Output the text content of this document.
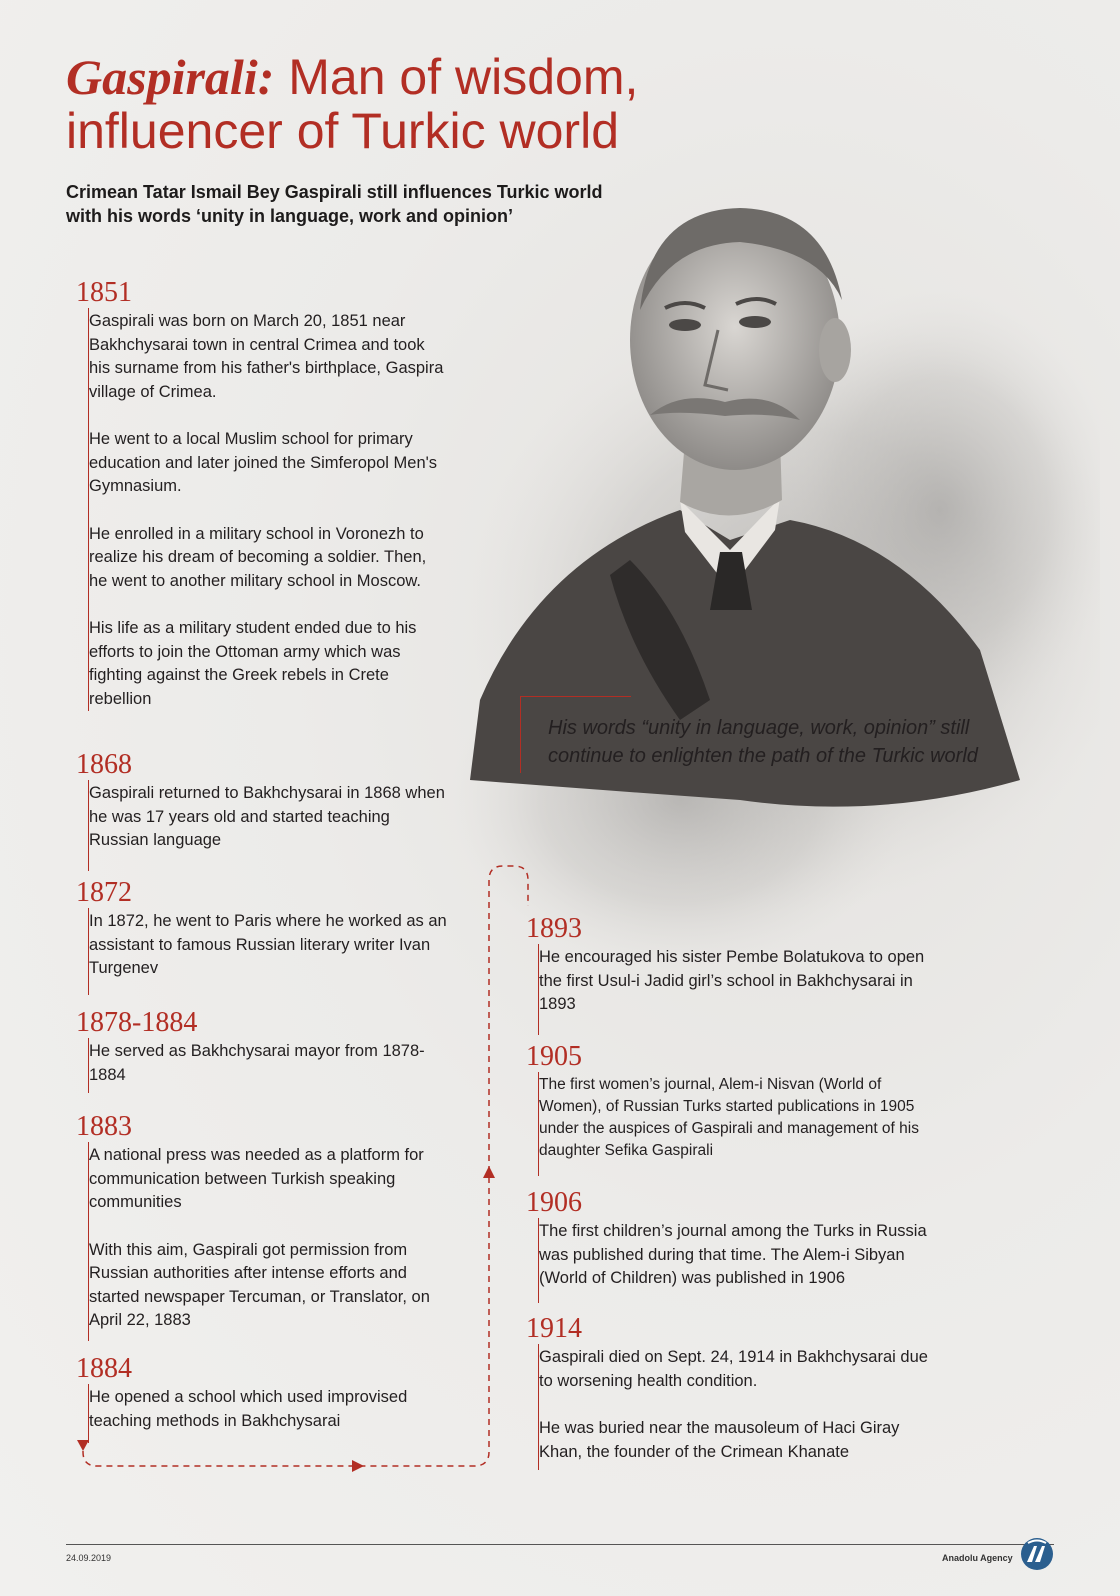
Gaspirali: Man of wisdom, influencer of Turkic world
Crimean Tatar Ismail Bey Gaspirali still influences Turkic world with his words ‘unity in language, work and opinion’
His words “unity in language, work, opinion” still continue to enlighten the path of the Turkic world
1851

Gaspirali was born on March 20, 1851 near Bakhchysarai town in central Crimea and took his surname from his father's birthplace, Gaspira village of Crimea.

He went to a local Muslim school for primary education and later joined the Simferopol Men's Gymnasium.

He enrolled in a military school in Voronezh to realize his dream of becoming a soldier. Then, he went to another military school in Moscow.

His life as a military student ended due to his efforts to join the Ottoman army which was fighting against the Greek rebels in Crete rebellion

1868

Gaspirali returned to Bakhchysarai in 1868 when he was 17 years old and started teaching Russian language

1872

In 1872, he went to Paris where he worked as an assistant to famous Russian literary writer Ivan Turgenev

1878-1884

He served as Bakhchysarai mayor from 1878-1884

1883

A national press was needed as a platform for communication between Turkish speaking communities

With this aim, Gaspirali got permission from Russian authorities after intense efforts and started newspaper Tercuman, or Translator, on April 22, 1883

1884

He opened a school which used improvised teaching methods in Bakhchysarai

1893

He encouraged his sister Pembe Bolatukova to open the first Usul-i Jadid girl’s school in Bakhchysarai in 1893

1905

The first women’s journal, Alem-i Nisvan (World of Women), of Russian Turks started publications in 1905 under the auspices of Gaspirali and management of his daughter Sefika Gaspirali

1906

The first children’s journal among the Turks in Russia was published during that time. The Alem-i Sibyan (World of Children) was published in 1906

1914

Gaspirali died on Sept. 24, 1914 in Bakhchysarai due to worsening health condition.

He was buried near the mausoleum of Haci Giray Khan, the founder of the Crimean Khanate

24.09.2019	Anadolu Agency
